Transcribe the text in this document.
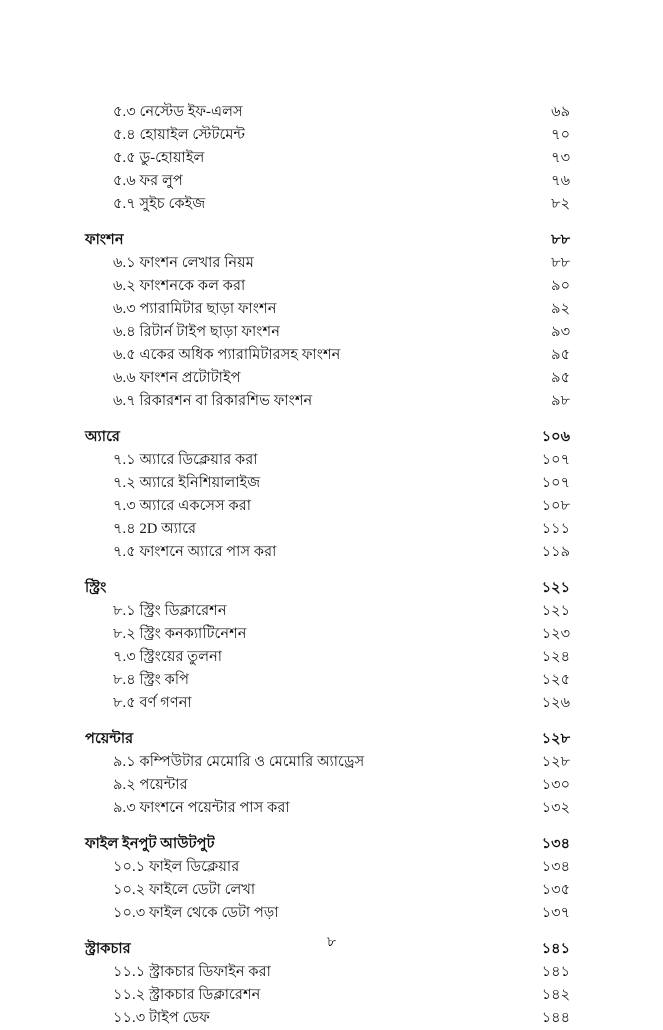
৫.৩ নেস্টেড ইফ-এলস	৬৯
৫.৪ হোয়াইল স্টেটমেন্ট	৭০
৫.৫ ডু-হোয়াইল	৭৩
৫.৬ ফর লুপ	৭৬
৫.৭ সুইচ কেইজ	৮২
ফাংশন	৮৮
৬.১ ফাংশন লেখার নিয়ম	৮৮
৬.২ ফাংশনকে কল করা	৯০
৬.৩ প্যারামিটার ছাড়া ফাংশন	৯২
৬.৪ রিটার্ন টাইপ ছাড়া ফাংশন	৯৩
৬.৫ একের অধিক প্যারামিটারসহ ফাংশন	৯৫
৬.৬ ফাংশন প্রটোটাইপ	৯৫
৬.৭ রিকারশন বা রিকারশিভ ফাংশন	৯৮
অ্যারে	১০৬
৭.১ অ্যারে ডিক্লেয়ার করা	১০৭
৭.২ অ্যারে ইনিশিয়ালাইজ	১০৭
৭.৩ অ্যারে একসেস করা	১০৮
৭.৪ 2D অ্যারে	১১১
৭.৫ ফাংশনে অ্যারে পাস করা	১১৯
স্ট্রিং	১২১
৮.১ স্ট্রিং ডিক্লারেশন	১২১
৮.২ স্ট্রিং কনক্যাটিনেশন	১২৩
৭.৩ স্ট্রিংয়ের তুলনা	১২৪
৮.৪ স্ট্রিং কপি	১২৫
৮.৫ বর্ণ গণনা	১২৬
পয়েন্টার	১২৮
৯.১ কম্পিউটার মেমোরি ও মেমোরি অ্যাড্রেস	১২৮
৯.২ পয়েন্টার	১৩০
৯.৩ ফাংশনে পয়েন্টার পাস করা	১৩২
ফাইল ইনপুট আউটপুট	১৩৪
১০.১ ফাইল ডিক্লেয়ার	১৩৪
১০.২ ফাইলে ডেটা লেখা	১৩৫
১০.৩ ফাইল থেকে ডেটা পড়া	১৩৭
স্ট্রাকচার	১৪১
১১.১ স্ট্রাকচার ডিফাইন করা	১৪১
১১.২ স্ট্রাকচার ডিক্লারেশন	১৪২
১১.৩ টাইপ ডেফ	১৪৪
৮
